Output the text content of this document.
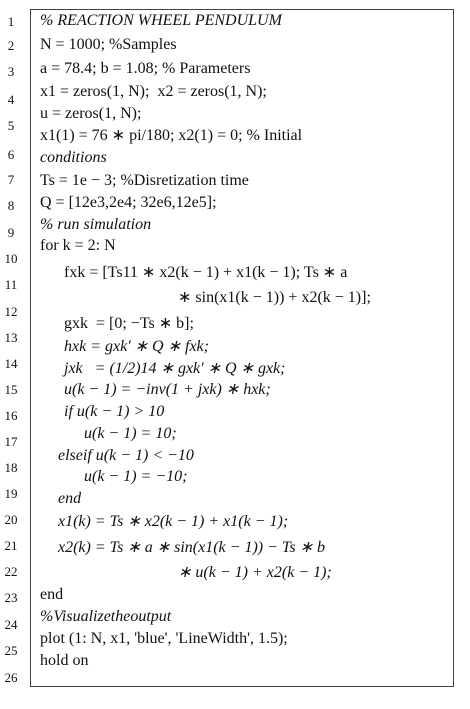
1
2
3
4
5
6
7
8
9
10
11
12
13
14
15
16
17
18
19
20
21
22
23
24
25
26
% REACTION WHEEL PENDULUM
N = 1000; %Samples
a = 78.4; b = 1.08; % Parameters
x1 = zeros(1, N);  x2 = zeros(1, N);
u = zeros(1, N);
x1(1) = 76 ∗ pi/180; x2(1) = 0; % Initial
conditions
Ts = 1e − 3; %Disretization time
Q = [12e3,2e4; 32e6,12e5];
% run simulation
for k = 2: N
fxk = [Ts11 ∗ x2(k − 1) + x1(k − 1); Ts ∗ a
∗ sin(x1(k − 1)) + x2(k − 1)];
gxk  = [0; −Ts ∗ b];
hxk = gxk' ∗ Q ∗ fxk;
jxk   = (1/2)14 ∗ gxk' ∗ Q ∗ gxk;
u(k − 1) = −inv(1 + jxk) ∗ hxk;
if u(k − 1) > 10
u(k − 1) = 10;
elseif u(k − 1) < −10
u(k − 1) = −10;
end
x1(k) = Ts ∗ x2(k − 1) + x1(k − 1);
x2(k) = Ts ∗ a ∗ sin(x1(k − 1)) − Ts ∗ b
∗ u(k − 1) + x2(k − 1);
end
%Visualizetheoutput
plot (1: N, x1, 'blue', 'LineWidth', 1.5);
hold on
